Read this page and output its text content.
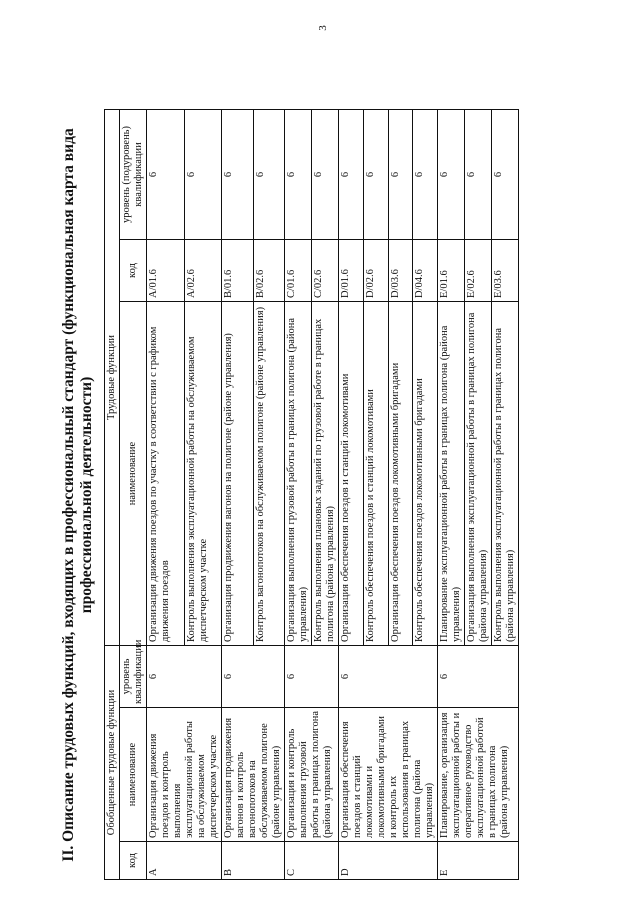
3
II. Описание трудовых функций, входящих в профессиональный стандарт (функциональная карта вида профессиональной деятельности)
Обобщенные трудовые функции			Трудовые функции		
код	наименование	уровень квалификации	наименование	код	уровень (подуровень) квалификации
A	Организация движения поездов и контроль выполнения эксплуатационной работы на обслуживаемом диспетчерском участке	6	Организация движения поездов по участку в соответствии с графиком движения поездов	A/01.6	6
			Контроль выполнения эксплуатационной работы на обслуживаемом диспетчерском участке	A/02.6	6
B	Организация продвижения вагонов и контроль вагонопотоков на обслуживаемом полигоне (районе управления)	6	Организация продвижения вагонов на полигоне (районе управления)	B/01.6	6
			Контроль вагонопотоков на обслуживаемом полигоне (районе управления)	B/02.6	6
C	Организация и контроль выполнения грузовой работы в границах полигона (района управления)	6	Организация выполнения грузовой работы в границах полигона (района управления)	C/01.6	6
			Контроль выполнения плановых заданий по грузовой работе в границах полигона (района управления)	C/02.6	6
D	Организация обеспечения поездов и станций локомотивами и локомотивными бригадами и контроль их использования в границах полигона (района управления)	6	Организация обеспечения поездов и станций локомотивами	D/01.6	6
			Контроль обеспечения поездов и станций локомотивами	D/02.6	6
			Организация обеспечения поездов локомотивными бригадами	D/03.6	6
			Контроль обеспечения поездов локомотивными бригадами	D/04.6	6
E	Планирование, организация эксплуатационной работы и оперативное руководство эксплуатационной работой в границах полигона (района управления)	6	Планирование эксплуатационной работы в границах полигона (района управления)	E/01.6	6
			Организация выполнения эксплуатационной работы в границах полигона (района управления)	E/02.6	6
			Контроль выполнения эксплуатационной работы в границах полигона (района управления)	E/03.6	6
